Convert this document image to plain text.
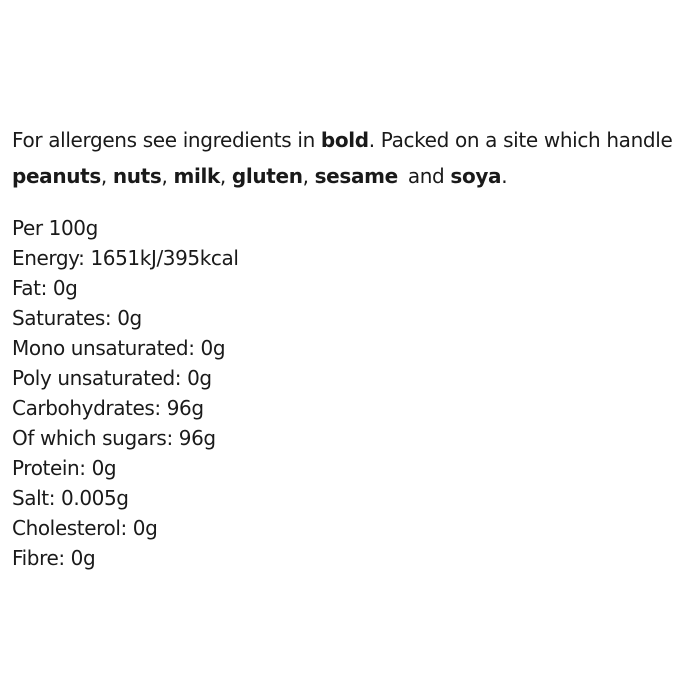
For allergens see ingredients in bold. Packed on a site which handle
peanuts, nuts, milk, gluten, sesame and soya.
Per 100g
Energy: 1651kJ/395kcal
Fat: 0g
Saturates: 0g
Mono unsaturated: 0g
Poly unsaturated: 0g
Carbohydrates: 96g
Of which sugars: 96g
Protein: 0g
Salt: 0.005g
Cholesterol: 0g
Fibre: 0g
